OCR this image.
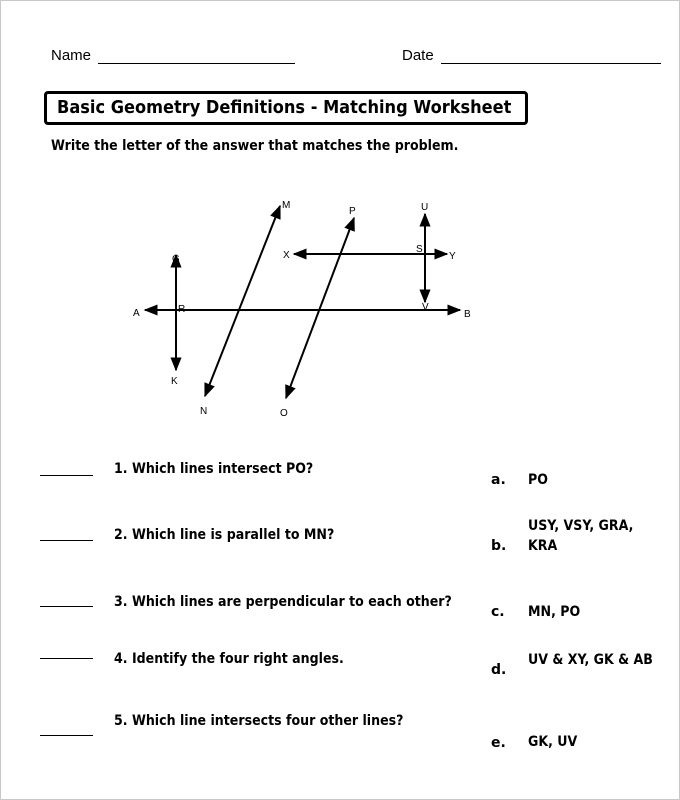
Name	Date
Basic Geometry Definitions - Matching Worksheet
Write the letter of the answer that matches the problem.
M
P	U
X
S
Y
G
A	R	V
B
K
N	O
1. Which lines intersect PO?
2. Which line is parallel to MN?
3. Which lines are perpendicular to each other?
4. Identify the four right angles.
5. Which line intersects four other lines?
a. PO
b.
USY, VSY, GRA, KRA
c. MN, PO
d.
UV & XY, GK & AB
e. GK, UV
